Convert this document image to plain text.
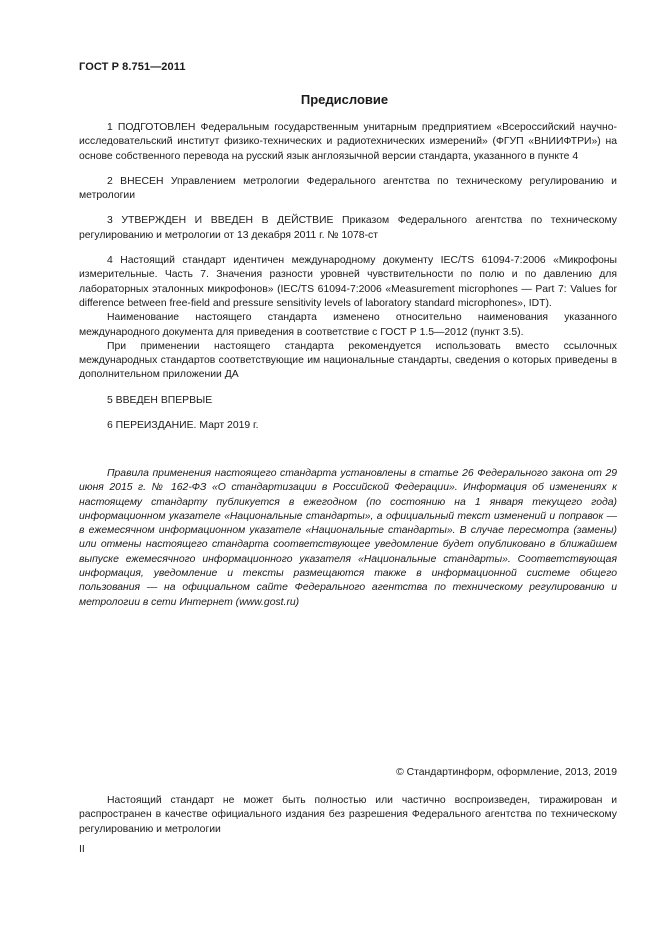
ГОСТ Р 8.751—2011
Предисловие

1 ПОДГОТОВЛЕН Федеральным государственным унитарным предприятием «Всероссийский научно-исследовательский институт физико-технических и радиотехнических измерений» (ФГУП «ВНИИФТРИ») на основе собственного перевода на русский язык англоязычной версии стандарта, указанного в пункте 4

2 ВНЕСЕН Управлением метрологии Федерального агентства по техническому регулированию и метрологии

3 УТВЕРЖДЕН И ВВЕДЕН В ДЕЙСТВИЕ Приказом Федерального агентства по техническому регулированию и метрологии от 13 декабря 2011 г. № 1078-ст

4 Настоящий стандарт идентичен международному документу IEC/TS 61094-7:2006 «Микрофоны измерительные. Часть 7. Значения разности уровней чувствительности по полю и по давлению для лабораторных эталонных микрофонов» (IEC/TS 61094-7:2006 «Measurement microphones — Part 7: Values for difference between free-field and pressure sensitivity levels of laboratory standard microphones», IDT).

Наименование настоящего стандарта изменено относительно наименования указанного международного документа для приведения в соответствие с ГОСТ Р 1.5—2012 (пункт 3.5).

При применении настоящего стандарта рекомендуется использовать вместо ссылочных международных стандартов соответствующие им национальные стандарты, сведения о которых приведены в дополнительном приложении ДА

5 ВВЕДЕН ВПЕРВЫЕ

6 ПЕРЕИЗДАНИЕ. Март 2019 г.

Правила применения настоящего стандарта установлены в статье 26 Федерального закона от 29 июня 2015 г. № 162-ФЗ «О стандартизации в Российской Федерации». Информация об изменениях к настоящему стандарту публикуется в ежегодном (по состоянию на 1 января текущего года) информационном указателе «Национальные стандарты», а официальный текст изменений и поправок — в ежемесячном информационном указателе «Национальные стандарты». В случае пересмотра (замены) или отмены настоящего стандарта соответствующее уведомление будет опубликовано в ближайшем выпуске ежемесячного информационного указателя «Национальные стандарты». Соответствующая информация, уведомление и тексты размещаются также в информационной системе общего пользования — на официальном сайте Федерального агентства по техническому регулированию и метрологии в сети Интернет (www.gost.ru)
© Стандартинформ, оформление, 2013, 2019
Настоящий стандарт не может быть полностью или частично воспроизведен, тиражирован и распространен в качестве официального издания без разрешения Федерального агентства по техническому регулированию и метрологии
II
